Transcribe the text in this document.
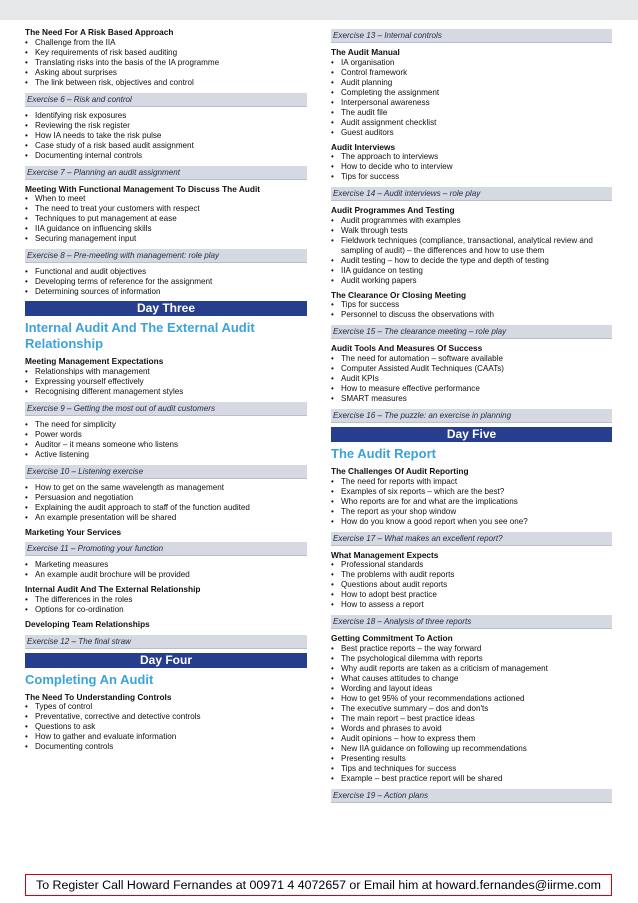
The Need For A Risk Based Approach
• Challenge from the IIA
• Key requirements of risk based auditing
• Translating risks into the basis of the IA programme
• Asking about surprises
• The link between risk, objectives and control
Exercise 6 – Risk and control
• Identifying risk exposures
• Reviewing the risk register
• How IA needs to take the risk pulse
• Case study of a risk based audit assignment
• Documenting internal controls
Exercise 7 – Planning an audit assignment
Meeting With Functional Management To Discuss The Audit
• When to meet
• The need to treat your customers with respect
• Techniques to put management at ease
• IIA guidance on influencing skills
• Securing management input
Exercise 8 – Pre-meeting with management: role play
• Functional and audit objectives
• Developing terms of reference for the assignment
• Determining sources of information
Day Three
Internal Audit And The External Audit Relationship
Meeting Management Expectations
• Relationships with management
• Expressing yourself effectively
• Recognising different management styles
Exercise 9 – Getting the most out of audit customers
• The need for simplicity
• Power words
• Auditor – it means someone who listens
• Active listening
Exercise 10 – Listening exercise
• How to get on the same wavelength as management
• Persuasion and negotiation
• Explaining the audit approach to staff of the function audited
• An example presentation will be shared
Marketing Your Services
Exercise 11 – Promoting your function
• Marketing measures
• An example audit brochure will be provided
Internal Audit And The External Relationship
• The differences in the roles
• Options for co-ordination
Developing Team Relationships
Exercise 12 – The final straw
Day Four
Completing An Audit
The Need To Understanding Controls
• Types of control
• Preventative, corrective and detective controls
• Questions to ask
• How to gather and evaluate information
• Documenting controls
Exercise 13 – Internal controls
The Audit Manual
• IA organisation
• Control framework
• Audit planning
• Completing the assignment
• Interpersonal awareness
• The audit file
• Audit assignment checklist
• Guest auditors
Audit Interviews
• The approach to interviews
• How to decide who to interview
• Tips for success
Exercise 14 – Audit interviews – role play
Audit Programmes And Testing
• Audit programmes with examples
• Walk through tests
• Fieldwork techniques (compliance, transactional, analytical review and sampling of audit) – the differences and how to use them
• Audit testing – how to decide the type and depth of testing
• IIA guidance on testing
• Audit working papers
The Clearance Or Closing Meeting
• Tips for success
• Personnel to discuss the observations with
Exercise 15 – The clearance meeting – role play
Audit Tools And Measures Of Success
• The need for automation – software available
• Computer Assisted Audit Techniques (CAATs)
• Audit KPIs
• How to measure effective performance
• SMART measures
Exercise 16 – The puzzle: an exercise in planning
Day Five
The Audit Report
The Challenges Of Audit Reporting
• The need for reports with impact
• Examples of six reports – which are the best?
• Who reports are for and what are the implications
• The report as your shop window
• How do you know a good report when you see one?
Exercise 17 – What makes an excellent report?
What Management Expects
• Professional standards
• The problems with audit reports
• Questions about audit reports
• How to adopt best practice
• How to assess a report
Exercise 18 – Analysis of three reports
Getting Commitment To Action
• Best practice reports – the way forward
• The psychological dilemma with reports
• Why audit reports are taken as a criticism of management
• What causes attitudes to change
• Wording and layout ideas
• How to get 95% of your recommendations actioned
• The executive summary – dos and don'ts
• The main report – best practice ideas
• Words and phrases to avoid
• Audit opinions – how to express them
• New IIA guidance on following up recommendations
• Presenting results
• Tips and techniques for success
• Example – best practice report will be shared
Exercise 19 – Action plans
To Register Call Howard Fernandes at 00971 4 4072657 or Email him at howard.fernandes@iirme.com
